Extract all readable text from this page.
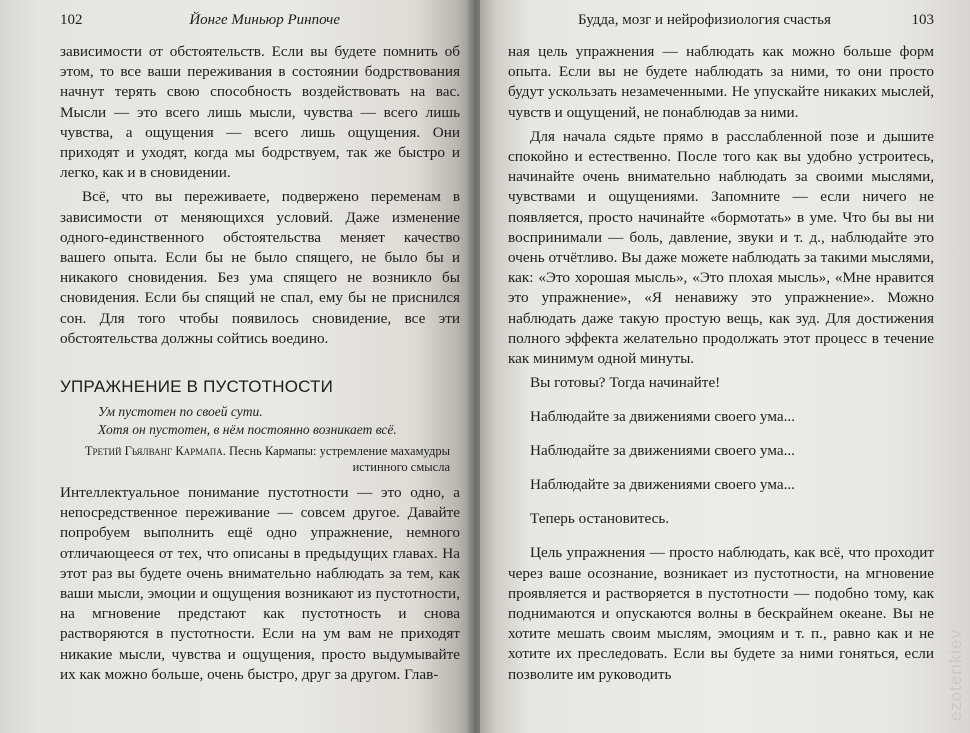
102	Йонге Миньюр Ринпоче

зависимости от обстоятельств. Если вы будете помнить об этом, то все ваши переживания в состоянии бодрствования начнут терять свою способность воздействовать на вас. Мысли — это всего лишь мысли, чувства — всего лишь чувства, а ощущения — всего лишь ощущения. Они приходят и уходят, когда мы бодрствуем, так же быстро и легко, как и в сновидении.

Всё, что вы переживаете, подвержено переменам в зависимости от меняющихся условий. Даже изменение одного-единственного обстоятельства меняет качество вашего опыта. Если бы не было спящего, не было бы и никакого сновидения. Без ума спящего не возникло бы сновидения. Если бы спящий не спал, ему бы не приснился сон. Для того чтобы появилось сновидение, все эти обстоятельства должны сойтись воедино.

УПРАЖНЕНИЕ В ПУСТОТНОСТИ
Ум пустотен по своей сути.
Хотя он пустотен, в нём постоянно возникает всё.
Третий Гьялванг Кармапа. Песнь Кармапы: устремление махамудры истинного смысла

Интеллектуальное понимание пустотности — это одно, а непосредственное переживание — совсем другое. Давайте попробуем выполнить ещё одно упражнение, немного отличающееся от тех, что описаны в предыдущих главах. На этот раз вы будете очень внимательно наблюдать за тем, как ваши мысли, эмоции и ощущения возникают из пустотности, на мгновение предстают как пустотность и снова растворяются в пустотности. Если на ум вам не приходят никакие мысли, чувства и ощущения, просто выдумывайте их как можно больше, очень быстро, друг за другом. Глав-

Будда, мозг и нейрофизиология счастья	103

ная цель упражнения — наблюдать как можно больше форм опыта. Если вы не будете наблюдать за ними, то они просто будут ускользать незамеченными. Не упускайте никаких мыслей, чувств и ощущений, не понаблюдав за ними.

Для начала сядьте прямо в расслабленной позе и дышите спокойно и естественно. После того как вы удобно устроитесь, начинайте очень внимательно наблюдать за своими мыслями, чувствами и ощущениями. Запомните — если ничего не появляется, просто начинайте «бормотать» в уме. Что бы вы ни воспринимали — боль, давление, звуки и т. д., наблюдайте это очень отчётливо. Вы даже можете наблюдать за такими мыслями, как: «Это хорошая мысль», «Это плохая мысль», «Мне нравится это упражнение», «Я ненавижу это упражнение». Можно наблюдать даже такую простую вещь, как зуд. Для достижения полного эффекта желательно продолжать этот процесс в течение как минимум одной минуты.

Вы готовы? Тогда начинайте!

Наблюдайте за движениями своего ума...

Наблюдайте за движениями своего ума...

Наблюдайте за движениями своего ума...

Теперь остановитесь.

Цель упражнения — просто наблюдать, как всё, что проходит через ваше осознание, возникает из пустотности, на мгновение проявляется и растворяется в пустотности — подобно тому, как поднимаются и опускаются волны в бескрайнем океане. Вы не хотите мешать своим мыслям, эмоциям и т. п., равно как и не хотите их преследовать. Если вы будете за ними гоняться, если позволите им руководить	ezoterikiev
